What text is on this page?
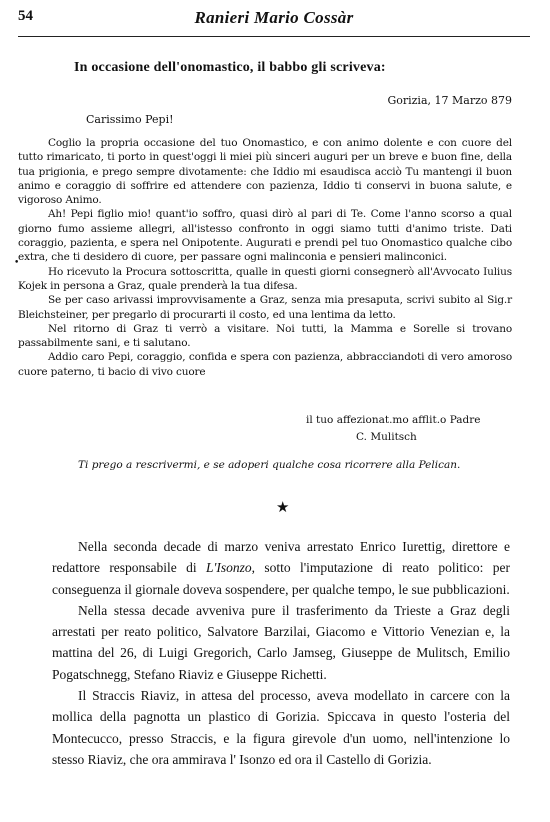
54	Ranieri Mario Cossàr
In occasione dell'onomastico, il babbo gli scriveva:
Gorizia, 17 Marzo 879
Carissimo Pepi!
•

Coglio la propria occasione del tuo Onomastico, e con animo dolente e con cuore del tutto rimaricato, ti porto in quest'oggi li miei più sinceri auguri per un breve e buon fine, della tua prigionia, e prego sempre divotamente: che Iddio mi esaudisca acciò Tu mantengi il buon animo e coraggio di soffrire ed attendere con pazienza, Iddio ti conservi in buona salute, e vigoroso Animo.

Ah! Pepi figlio mio! quant'io soffro, quasi dirò al pari di Te. Come l'anno scorso a qual giorno fumo assieme allegri, all'istesso confronto in oggi siamo tutti d'animo triste. Dati coraggio, pazienta, e spera nel Onipotente. Augurati e prendi pel tuo Onomastico qualche cibo extra, che ti desidero di cuore, per passare ogni malinconia e pensieri malinconici.

Ho ricevuto la Procura sottoscritta, qualle in questi giorni consegnerò all'Avvocato Iulius Kojek in persona a Graz, quale prenderà la tua difesa.

Se per caso arivassi improvvisamente a Graz, senza mia presaputa, scrivi subito al Sig.r Bleichsteiner, per pregarlo di procurarti il costo, ed una lentima da letto.

Nel ritorno di Graz ti verrò a visitare. Noi tutti, la Mamma e Sorelle si trovano passabilmente sani, e ti salutano.

Addio caro Pepi, coraggio, confida e spera con pazienza, abbracciandoti di vero amoroso cuore paterno, ti bacio di vivo cuore

il tuo affezionat.mo afflit.o Padre
C. Mulitsch
Ti prego a rescrivermi, e se adoperi qualche cosa ricorrere alla Pelican.
★

Nella seconda decade di marzo veniva arrestato Enrico Iurettig, direttore e redattore responsabile di L'Isonzo, sotto l'imputazione di reato politico: per conseguenza il giornale doveva sospendere, per qualche tempo, le sue pubblicazioni.

Nella stessa decade avveniva pure il trasferimento da Trieste a Graz degli arrestati per reato politico, Salvatore Barzilai, Giacomo e Vittorio Venezian e, la mattina del 26, di Luigi Gregorich, Carlo Jamseg, Giuseppe de Mulitsch, Emilio Pogatschnegg, Stefano Riaviz e Giuseppe Richetti.

Il Straccis Riaviz, in attesa del processo, aveva modellato in carcere con la mollica della pagnotta un plastico di Gorizia. Spiccava in questo l'osteria del Montecucco, presso Straccis, e la figura girevole d'un uomo, nell'intenzione lo stesso Riaviz, che ora ammirava l' Isonzo ed ora il Castello di Gorizia.
